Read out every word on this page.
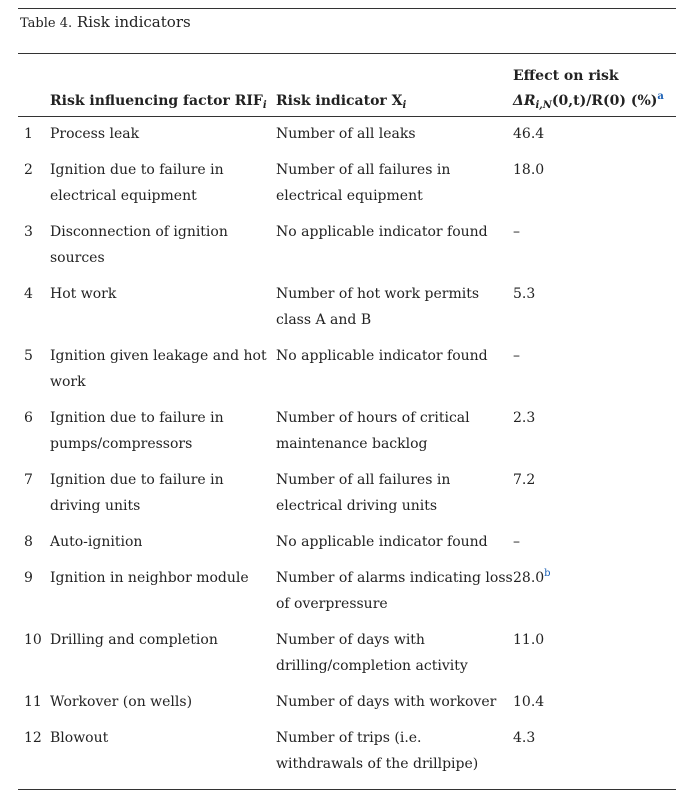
Table 4. Risk indicators
			Effect on risk
	Risk influencing factor $RIF_i$	Risk indicator $X_i$	$\Delta R_{i,N}(0,t)/R(0)$ (%)$^a$
1	Process leak	Number of all leaks	46.4
2	Ignition due to failure in electrical equipment	Number of all failures in electrical equipment	18.0
3	Disconnection of ignition sources	No applicable indicator found	–
4	Hot work	Number of hot work permits class A and B	5.3
5	Ignition given leakage and hot work	No applicable indicator found	–
6	Ignition due to failure in pumps/compressors	Number of hours of critical maintenance backlog	2.3
7	Ignition due to failure in driving units	Number of all failures in electrical driving units	7.2
8	Auto-ignition	No applicable indicator found	–
9	Ignition in neighbor module	Number of alarms indicating loss of overpressure	28.0$^b$
10	Drilling and completion	Number of days with drilling/completion activity	11.0
11	Workover (on wells)	Number of days with workover	10.4
12	Blowout	Number of trips (i.e. withdrawals of the drillpipe)	4.3
